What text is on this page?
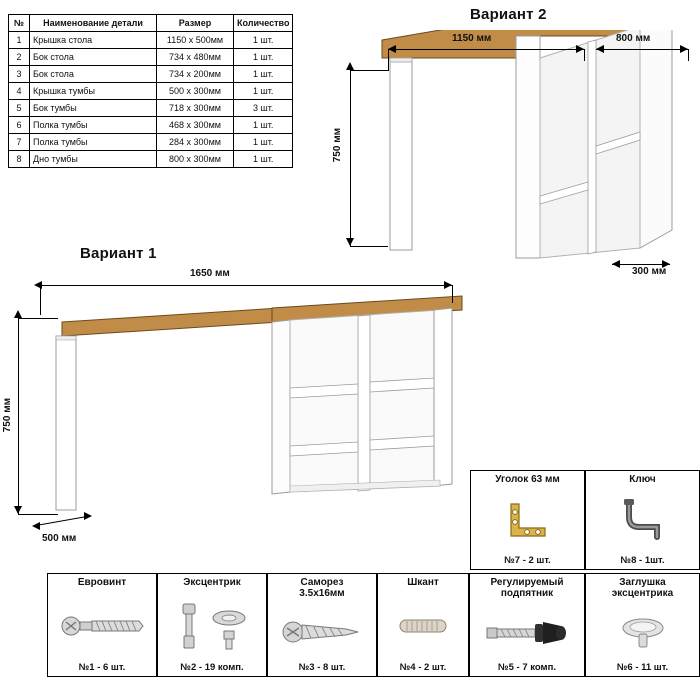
№	Наименование детали	Размер	Количество
1	Крышка стола	1150 x 500мм	1 шт.
2	Бок стола	734 x 480мм	1 шт.
3	Бок стола	734 x 200мм	1 шт.
4	Крышка тумбы	500 x 300мм	1 шт.
5	Бок тумбы	718 x 300мм	3 шт.
6	Полка тумбы	468 x 300мм	1 шт.
7	Полка тумбы	284 x 300мм	1 шт.
8	Дно тумбы	800 x 300мм	1 шт.
Вариант 2
1150 мм	800 мм
750 мм
300 мм
Вариант 1
1650 мм
750 мм
500 мм
Уголок 63 мм
№7 - 2 шт.
Ключ
№8 - 1шт.
Евровинт
№1 - 6 шт.
Эксцентрик
№2 - 19 комп.
Саморез
3.5x16мм
№3 - 8 шт.
Шкант
№4 - 2 шт.
Регулируемый
подпятник
№5 - 7 комп.
Заглушка
эксцентрика
№6 - 11 шт.
